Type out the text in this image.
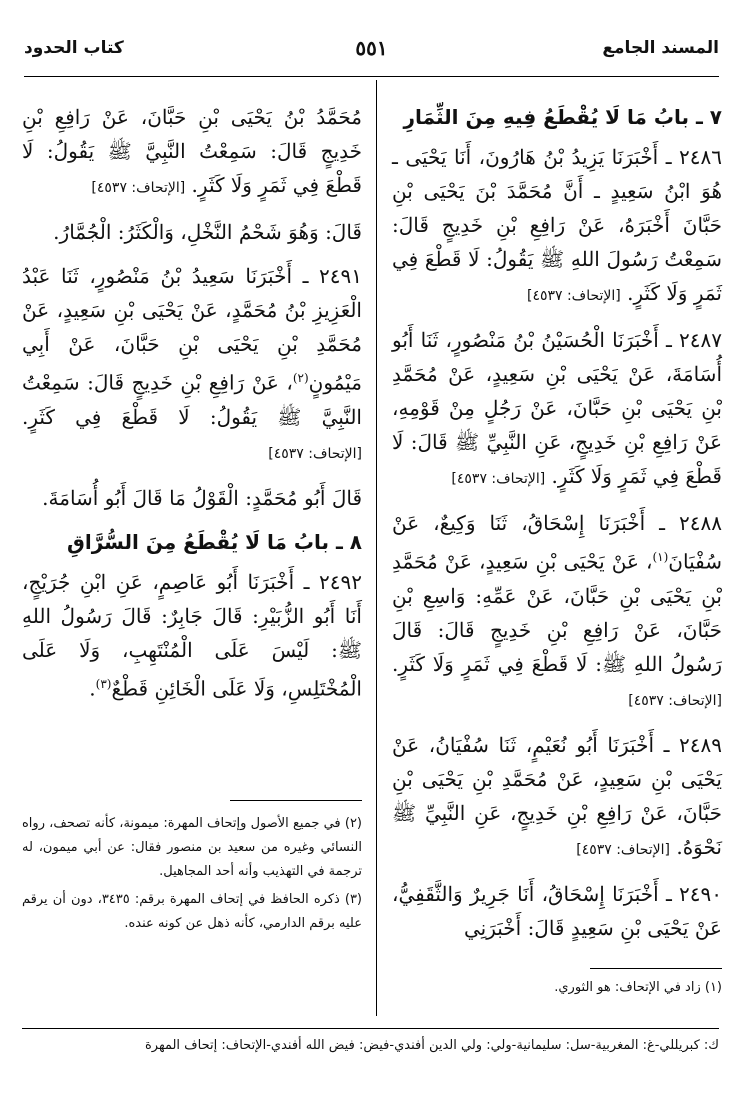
المسند الجامع
٥٥١
كتاب الحدود
٧ ـ بابُ مَا لَا يُقْطَعُ فِيهِ مِنَ الثِّمَارِ

٢٤٨٦ ـ أَخْبَرَنَا يَزِيدُ بْنُ هَارُونَ، أَنَا يَحْيَى ـ هُوَ ابْنُ سَعِيدٍ ـ أَنَّ مُحَمَّدَ بْنَ يَحْيَى بْنِ حَبَّانَ أَخْبَرَهُ، عَنْ رَافِعِ بْنِ خَدِيجٍ قَالَ: سَمِعْتُ رَسُولَ اللهِ ﷺ يَقُولُ: لَا قَطْعَ فِي ثَمَرٍ وَلَا كَثَرٍ. [الإتحاف: ٤٥٣٧]

٢٤٨٧ ـ أَخْبَرَنَا الْحُسَيْنُ بْنُ مَنْصُورٍ، ثَنَا أَبُو أُسَامَةَ، عَنْ يَحْيَى بْنِ سَعِيدٍ، عَنْ مُحَمَّدِ بْنِ يَحْيَى بْنِ حَبَّانَ، عَنْ رَجُلٍ مِنْ قَوْمِهِ، عَنْ رَافِعِ بْنِ خَدِيجٍ، عَنِ النَّبِيِّ ﷺ قَالَ: لَا قَطْعَ فِي ثَمَرٍ وَلَا كَثَرٍ. [الإتحاف: ٤٥٣٧]

٢٤٨٨ ـ أَخْبَرَنَا إِسْحَاقُ، ثَنَا وَكِيعٌ، عَنْ سُفْيَانَ$^{(١)}$، عَنْ يَحْيَى بْنِ سَعِيدٍ، عَنْ مُحَمَّدِ بْنِ يَحْيَى بْنِ حَبَّانَ، عَنْ عَمِّهِ: وَاسِعِ بْنِ حَبَّانَ، عَنْ رَافِعِ بْنِ خَدِيجٍ قَالَ: قَالَ رَسُولُ اللهِ ﷺ: لَا قَطْعَ فِي ثَمَرٍ وَلَا كَثَرٍ. [الإتحاف: ٤٥٣٧]

٢٤٨٩ ـ أَخْبَرَنَا أَبُو نُعَيْمٍ، ثَنَا سُفْيَانُ، عَنْ يَحْيَى بْنِ سَعِيدٍ، عَنْ مُحَمَّدِ بْنِ يَحْيَى بْنِ حَبَّانَ، عَنْ رَافِعِ بْنِ خَدِيجٍ، عَنِ النَّبِيِّ ﷺ نَحْوَهُ. [الإتحاف: ٤٥٣٧]

٢٤٩٠ ـ أَخْبَرَنَا إِسْحَاقُ، أَنَا جَرِيرٌ وَالثَّقَفِيُّ، عَنْ يَحْيَى بْنِ سَعِيدٍ قَالَ: أَخْبَرَنِي

(١) زاد في الإتحاف: هو الثوري.

مُحَمَّدُ بْنُ يَحْيَى بْنِ حَبَّانَ، عَنْ رَافِعِ بْنِ خَدِيجٍ قَالَ: سَمِعْتُ النَّبِيَّ ﷺ يَقُولُ: لَا قَطْعَ فِي ثَمَرٍ وَلَا كَثَرٍ. [الإتحاف: ٤٥٣٧]

قَالَ: وَهُوَ شَحْمُ النَّخْلِ، وَالْكَثَرُ: الْجُمَّارُ.

٢٤٩١ ـ أَخْبَرَنَا سَعِيدُ بْنُ مَنْصُورٍ، ثَنَا عَبْدُ الْعَزِيزِ بْنُ مُحَمَّدٍ، عَنْ يَحْيَى بْنِ سَعِيدٍ، عَنْ مُحَمَّدِ بْنِ يَحْيَى بْنِ حَبَّانَ، عَنْ أَبِي مَيْمُونٍ$^{(٢)}$، عَنْ رَافِعِ بْنِ خَدِيجٍ قَالَ: سَمِعْتُ النَّبِيَّ ﷺ يَقُولُ: لَا قَطْعَ فِي كَثَرٍ. [الإتحاف: ٤٥٣٧]

قَالَ أَبُو مُحَمَّدٍ: الْقَوْلُ مَا قَالَ أَبُو أُسَامَةَ.

٨ ـ بابُ مَا لَا يُقْطَعُ مِنَ السُّرَّاقِ

٢٤٩٢ ـ أَخْبَرَنَا أَبُو عَاصِمٍ، عَنِ ابْنِ جُرَيْجٍ، أَنَا أَبُو الزُّبَيْرِ: قَالَ جَابِرٌ: قَالَ رَسُولُ اللهِ ﷺ: لَيْسَ عَلَى الْمُنْتَهِبِ، وَلَا عَلَى الْمُخْتَلِسِ، وَلَا عَلَى الْخَائِنِ قَطْعٌ$^{(٣)}$.

(٢) في جميع الأصول وإتحاف المهرة: ميمونة، كأنه تصحف، رواه النسائي وغيره من سعيد بن منصور فقال: عن أبي ميمون، له ترجمة في التهذيب وأنه أحد المجاهيل.

(٣) ذكره الحافظ في إتحاف المهرة برقم: ٣٤٣٥، دون أن يرقم عليه برقم الدارمي، كأنه ذهل عن كونه عنده.

ك: كبريللي-غ: المغربية-سل: سليمانية-ولي: ولي الدين أفندي-فيض: فيض الله أفندي-الإتحاف: إتحاف المهرة
